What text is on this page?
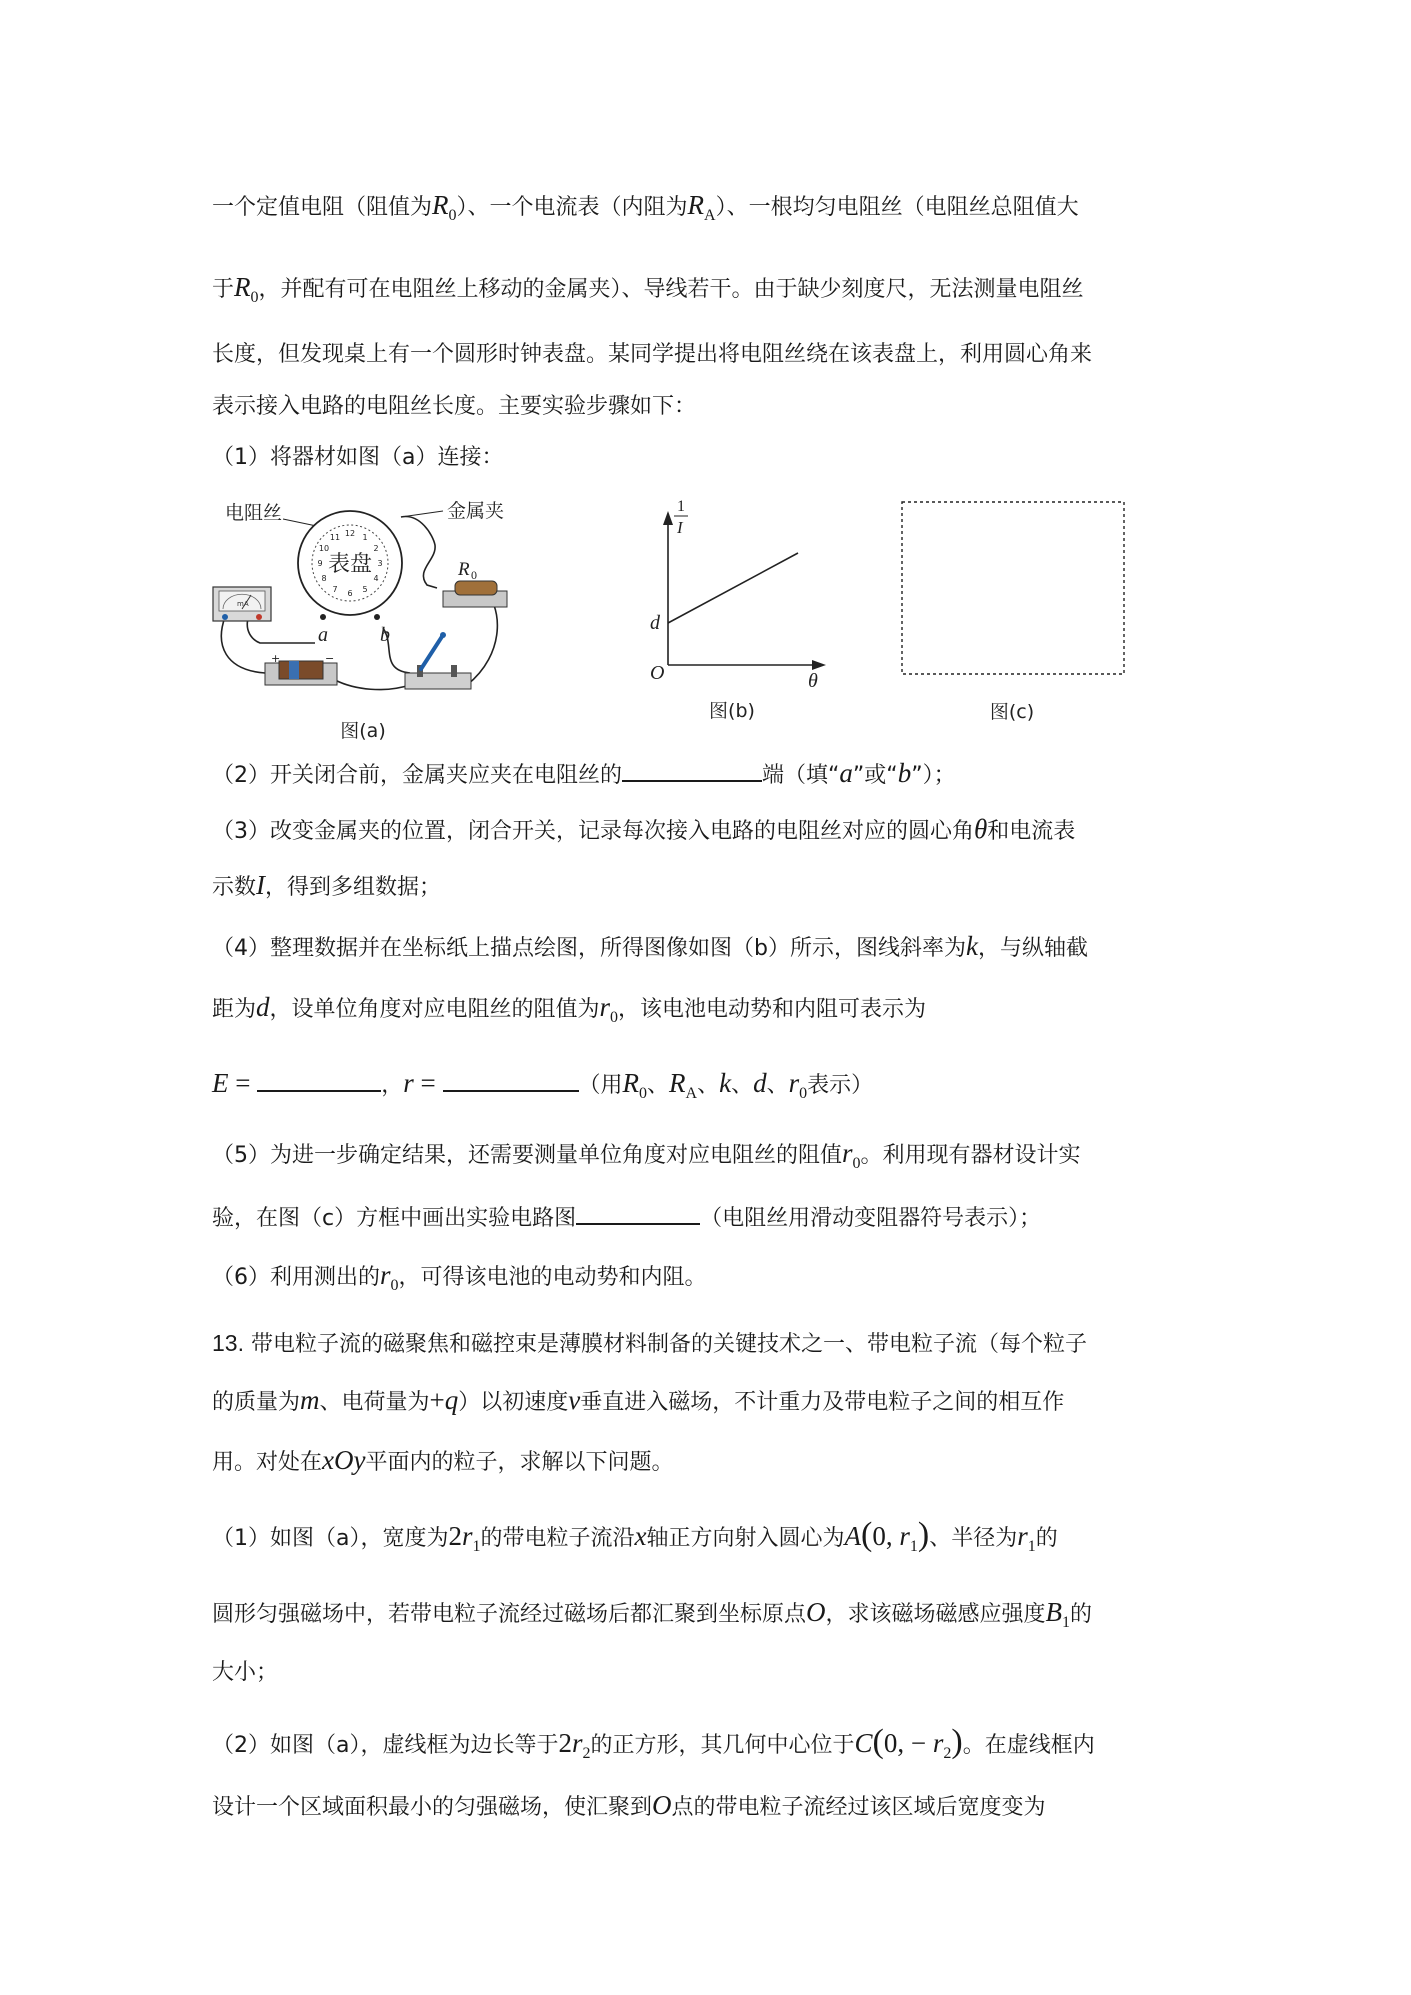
一个定值电阻（阻值为$R_0$）、一个电流表（内阻为$R_A$）、一根均匀电阻丝（电阻丝总阻值大
于$R_0$，并配有可在电阻丝上移动的金属夹）、导线若干。由于缺少刻度尺，无法测量电阻丝
长度，但发现桌上有一个圆形时钟表盘。某同学提出将电阻丝绕在该表盘上，利用圆心角来
表示接入电路的电阻丝长度。主要实验步骤如下：
（1）将器材如图（a）连接：
（2）开关闭合前，金属夹应夹在电阻丝的	端（填“a”或“b”）；
（3）改变金属夹的位置，闭合开关，记录每次接入电路的电阻丝对应的圆心角θ和电流表
示数I，得到多组数据；
（4）整理数据并在坐标纸上描点绘图，所得图像如图（b）所示，图线斜率为k，与纵轴截
距为d，设单位角度对应电阻丝的阻值为$r_0$，该电池电动势和内阻可表示为
E =	，r =	（用$R_0$、$R_A$、k、d、$r_0$表示）
（5）为进一步确定结果，还需要测量单位角度对应电阻丝的阻值$r_0$。利用现有器材设计实
验，在图（c）方框中画出实验电路图	（电阻丝用滑动变阻器符号表示）；
（6）利用测出的$r_0$，可得该电池的电动势和内阻。
13. 带电粒子流的磁聚焦和磁控束是薄膜材料制备的关键技术之一、带电粒子流（每个粒子
的质量为m、电荷量为+q）以初速度v垂直进入磁场，不计重力及带电粒子之间的相互作
用。对处在xOy平面内的粒子，求解以下问题。
（1）如图（a），宽度为$2r_1$的带电粒子流沿x轴正方向射入圆心为A(0, $r_1$)、半径为$r_1$的
圆形匀强磁场中，若带电粒子流经过磁场后都汇聚到坐标原点O，求该磁场磁感应强度$B_1$的
大小；
（2）如图（a），虚线框为边长等于$2r_2$的正方形，其几何中心位于C(0, − $r_2$)。在虚线框内
设计一个区域面积最小的匀强磁场，使汇聚到O点的带电粒子流经过该区域后宽度变为
12 1
2
3
4
5
6
7
8
9
10
11
表盘
电阻丝	金属夹
a	b
mA
+	−
R 0
图(a)
1
I
d
O	θ
图(b)	图(c)
